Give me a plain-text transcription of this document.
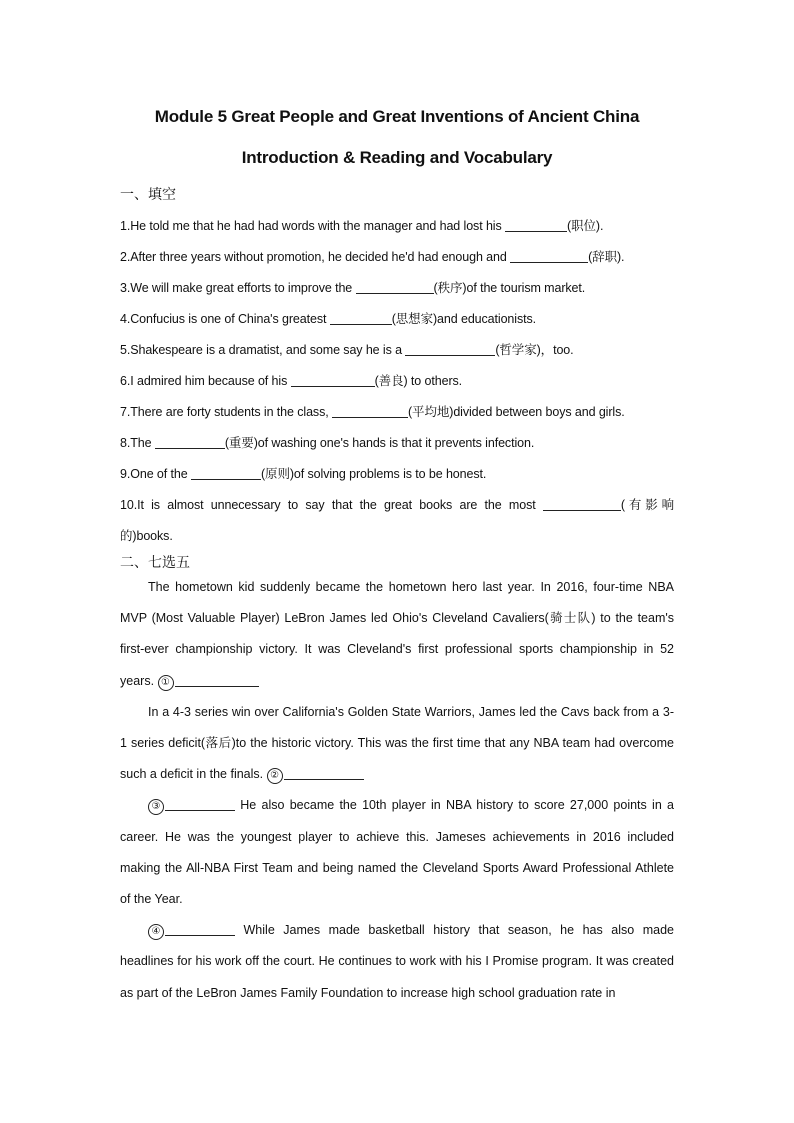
Module 5 Great People and Great Inventions of Ancient China

Introduction & Reading and Vocabulary

一、填空
1.He told me that he had had words with the manager and had lost his	(职位).
2.After three years without promotion, he decided he'd had enough and	(辞职).
3.We will make great efforts to improve the	(秩序)of the tourism market.
4.Confucius is one of China's greatest	(思想家)and educationists.
5.Shakespeare is a dramatist, and some say he is a	(哲学家)，too.
6.I admired him because of his	(善良) to others.
7.There are forty students in the class,	(平均地)divided between boys and girls.
8.The	(重要)of washing one's hands is that it prevents infection.
9.One of the	(原则)of solving problems is to be honest.
10.It is almost unnecessary to say that the great books are the most	(有影响
的)books.
二、七选五

The hometown kid suddenly became the hometown hero last year. In 2016, four-time NBA MVP (Most Valuable Player) LeBron James led Ohio's Cleveland Cavaliers(骑士队) to the team's first-ever championship victory. It was Cleveland's first professional sports championship in 52 years. ①

In a 4-3 series win over California's Golden State Warriors, James led the Cavs back from a 3-1 series deficit(落后)to the historic victory. This was the first time that any NBA team had overcome such a deficit in the finals. ②

③	He also became the 10th player in NBA history to score 27,000 points in a career. He was the youngest player to achieve this. Jameses achievements in 2016 included making the All-NBA First Team and being named the Cleveland Sports Award Professional Athlete of the Year.

④	While James made basketball history that season, he has also made headlines for his work off the court. He continues to work with his I Promise program. It was created as part of the LeBron James Family Foundation to increase high school graduation rate in
